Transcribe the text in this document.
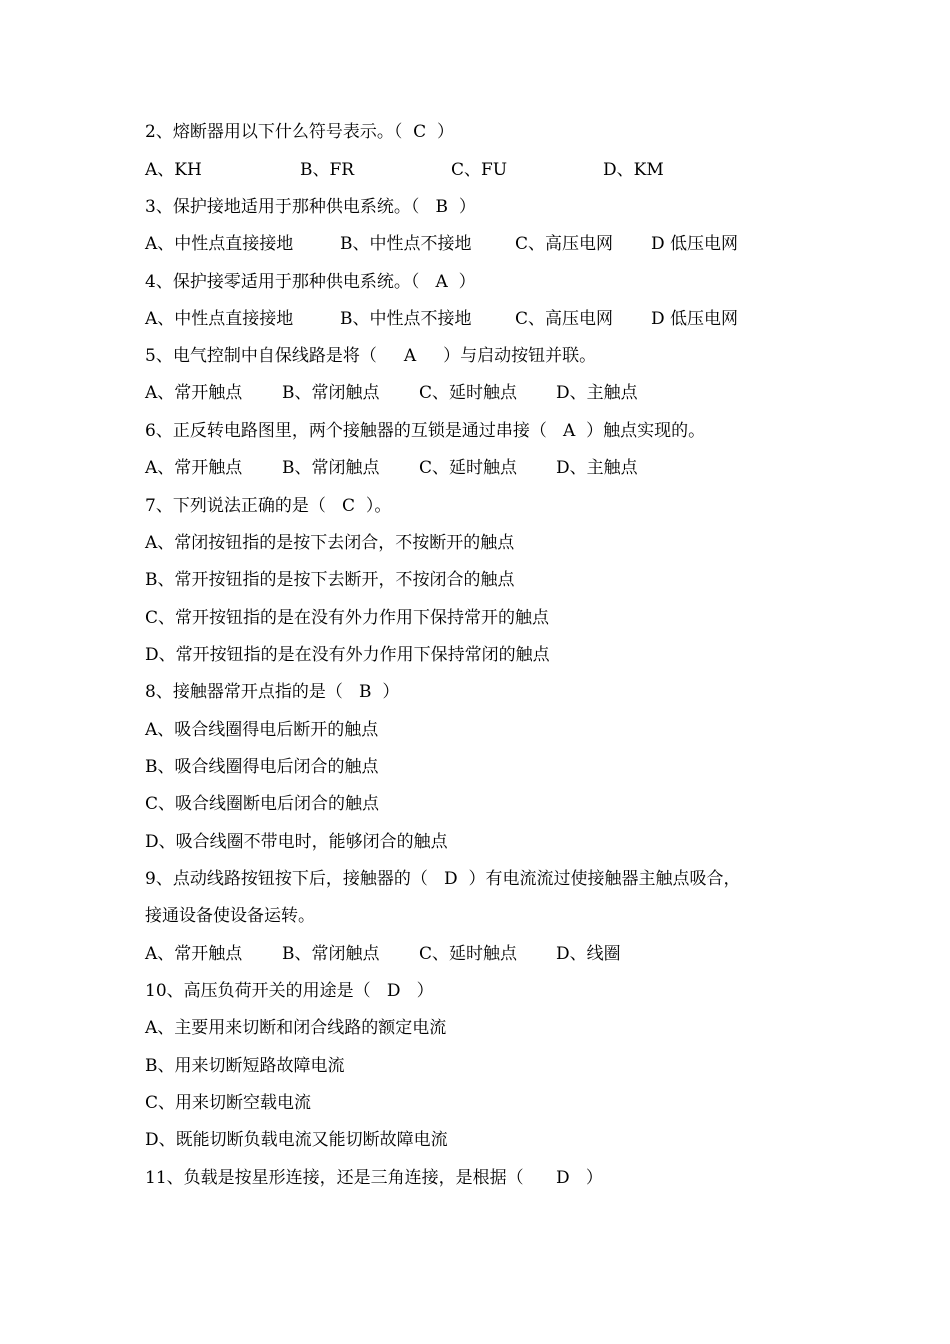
2、熔断器用以下什么符号表示。（  C  ）

A、KH

	B、FR

	C、FU

	D、KM

3、保护接地适用于那种供电系统。（   B  ）

A、中性点直接接地

	B、中性点不接地

	C、高压电网

D 低压电网

4、保护接零适用于那种供电系统。（   A  ）

A、中性点直接接地

	B、中性点不接地

	C、高压电网

D 低压电网

5、电气控制中自保线路是将（     A     ）与启动按钮并联。

A、常开触点

B、常闭触点

C、延时触点

D、主触点

6、正反转电路图里，两个接触器的互锁是通过串接（   A  ）触点实现的。

A、常开触点

B、常闭触点

C、延时触点

D、主触点

7、下列说法正确的是（   C  ）。

A、常闭按钮指的是按下去闭合，不按断开的触点

B、常开按钮指的是按下去断开，不按闭合的触点

C、常开按钮指的是在没有外力作用下保持常开的触点

D、常开按钮指的是在没有外力作用下保持常闭的触点

8、接触器常开点指的是（   B  ）

A、吸合线圈得电后断开的触点

B、吸合线圈得电后闭合的触点

C、吸合线圈断电后闭合的触点

D、吸合线圈不带电时，能够闭合的触点

9、点动线路按钮按下后，接触器的（   D  ）有电流流过使接触器主触点吸合，

接通设备使设备运转。

A、常开触点

B、常闭触点

C、延时触点

D、线圈

10、高压负荷开关的用途是（   D   ）

A、主要用来切断和闭合线路的额定电流

B、用来切断短路故障电流

C、用来切断空载电流

D、既能切断负载电流又能切断故障电流

11、负载是按星形连接，还是三角连接，是根据（      D   ）
